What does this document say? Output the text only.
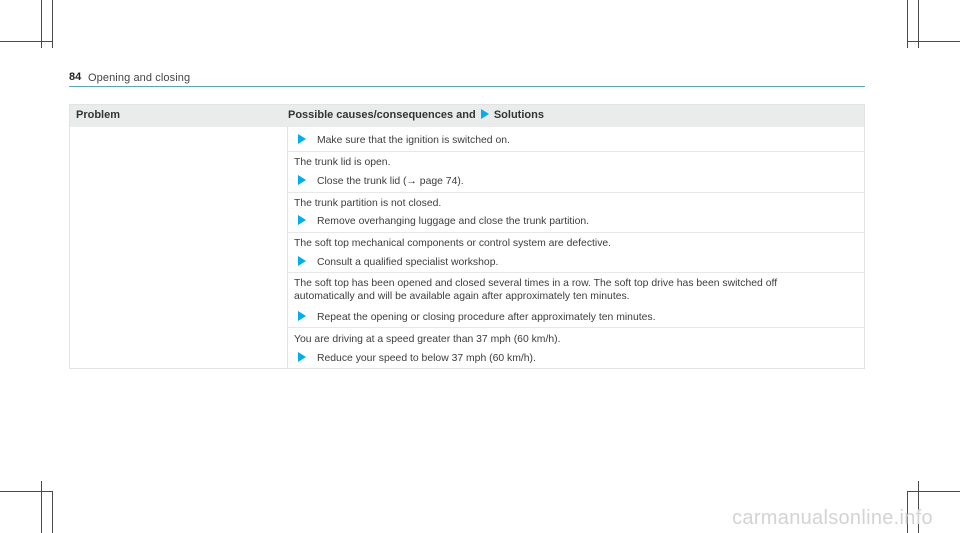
84 Opening and closing
Problem	Possible causes/consequences and Solutions
Make sure that the ignition is switched on.
The trunk lid is open.
Close the trunk lid (→ page 74).
The trunk partition is not closed.
Remove overhanging luggage and close the trunk partition.
The soft top mechanical components or control system are defective.
Consult a qualified specialist workshop.
The soft top has been opened and closed several times in a row. The soft top drive has been switched off
automatically and will be available again after approximately ten minutes.
Repeat the opening or closing procedure after approximately ten minutes.
You are driving at a speed greater than 37 mph (60 km/h).
Reduce your speed to below 37 mph (60 km/h).
carmanualsonline.info
